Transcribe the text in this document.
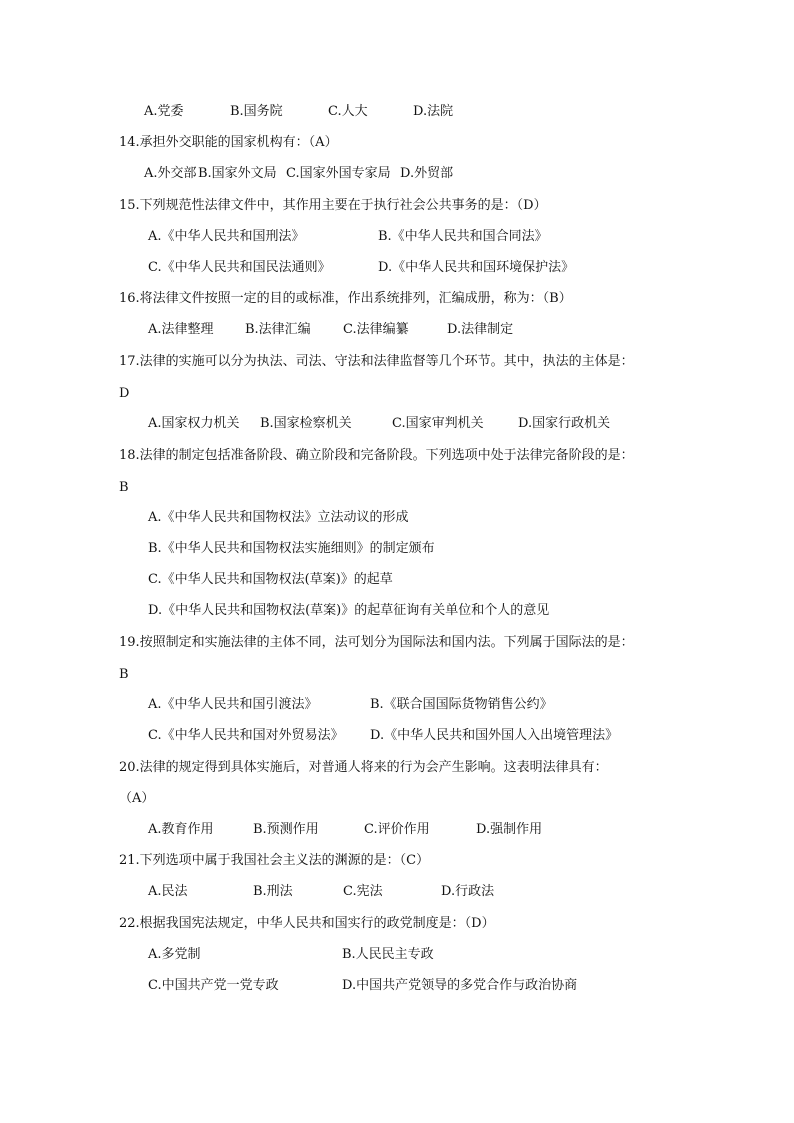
A.党委	B.国务院	C.人大	D.法院
14.承担外交职能的国家机构有：（A）
A.外交部 B.国家外文局 C.国家外国专家局 D.外贸部
15.下列规范性法律文件中，其作用主要在于执行社会公共事务的是：（D）
A.《中华人民共和国刑法》	B.《中华人民共和国合同法》
C.《中华人民共和国民法通则》	D.《中华人民共和国环境保护法》
16.将法律文件按照一定的目的或标准，作出系统排列，汇编成册，称为：（B）
A.法律整理 B.法律汇编 C.法律编纂	D.法律制定
17.法律的实施可以分为执法、司法、守法和法律监督等几个环节。其中，执法的主体是：
D
A.国家权力机关 B.国家检察机关	C.国家审判机关	D.国家行政机关
18.法律的制定包括准备阶段、确立阶段和完备阶段。下列选项中处于法律完备阶段的是：
B
A.《中华人民共和国物权法》立法动议的形成
B.《中华人民共和国物权法实施细则》的制定颁布
C.《中华人民共和国物权法(草案)》的起草
D.《中华人民共和国物权法(草案)》的起草征询有关单位和个人的意见
19.按照制定和实施法律的主体不同，法可划分为国际法和国内法。下列属于国际法的是：
B
A.《中华人民共和国引渡法》	B.《联合国国际货物销售公约》
C.《中华人民共和国对外贸易法》 D.《中华人民共和国外国人入出境管理法》
20.法律的规定得到具体实施后，对普通人将来的行为会产生影响。这表明法律具有：
（A）
A.教育作用	B.预测作用	C.评价作用	D.强制作用
21.下列选项中属于我国社会主义法的渊源的是：（C）
A.民法	B.刑法	C.宪法	D.行政法
22.根据我国宪法规定，中华人民共和国实行的政党制度是：（D）
A.多党制	B.人民民主专政
C.中国共产党一党专政	D.中国共产党领导的多党合作与政治协商
